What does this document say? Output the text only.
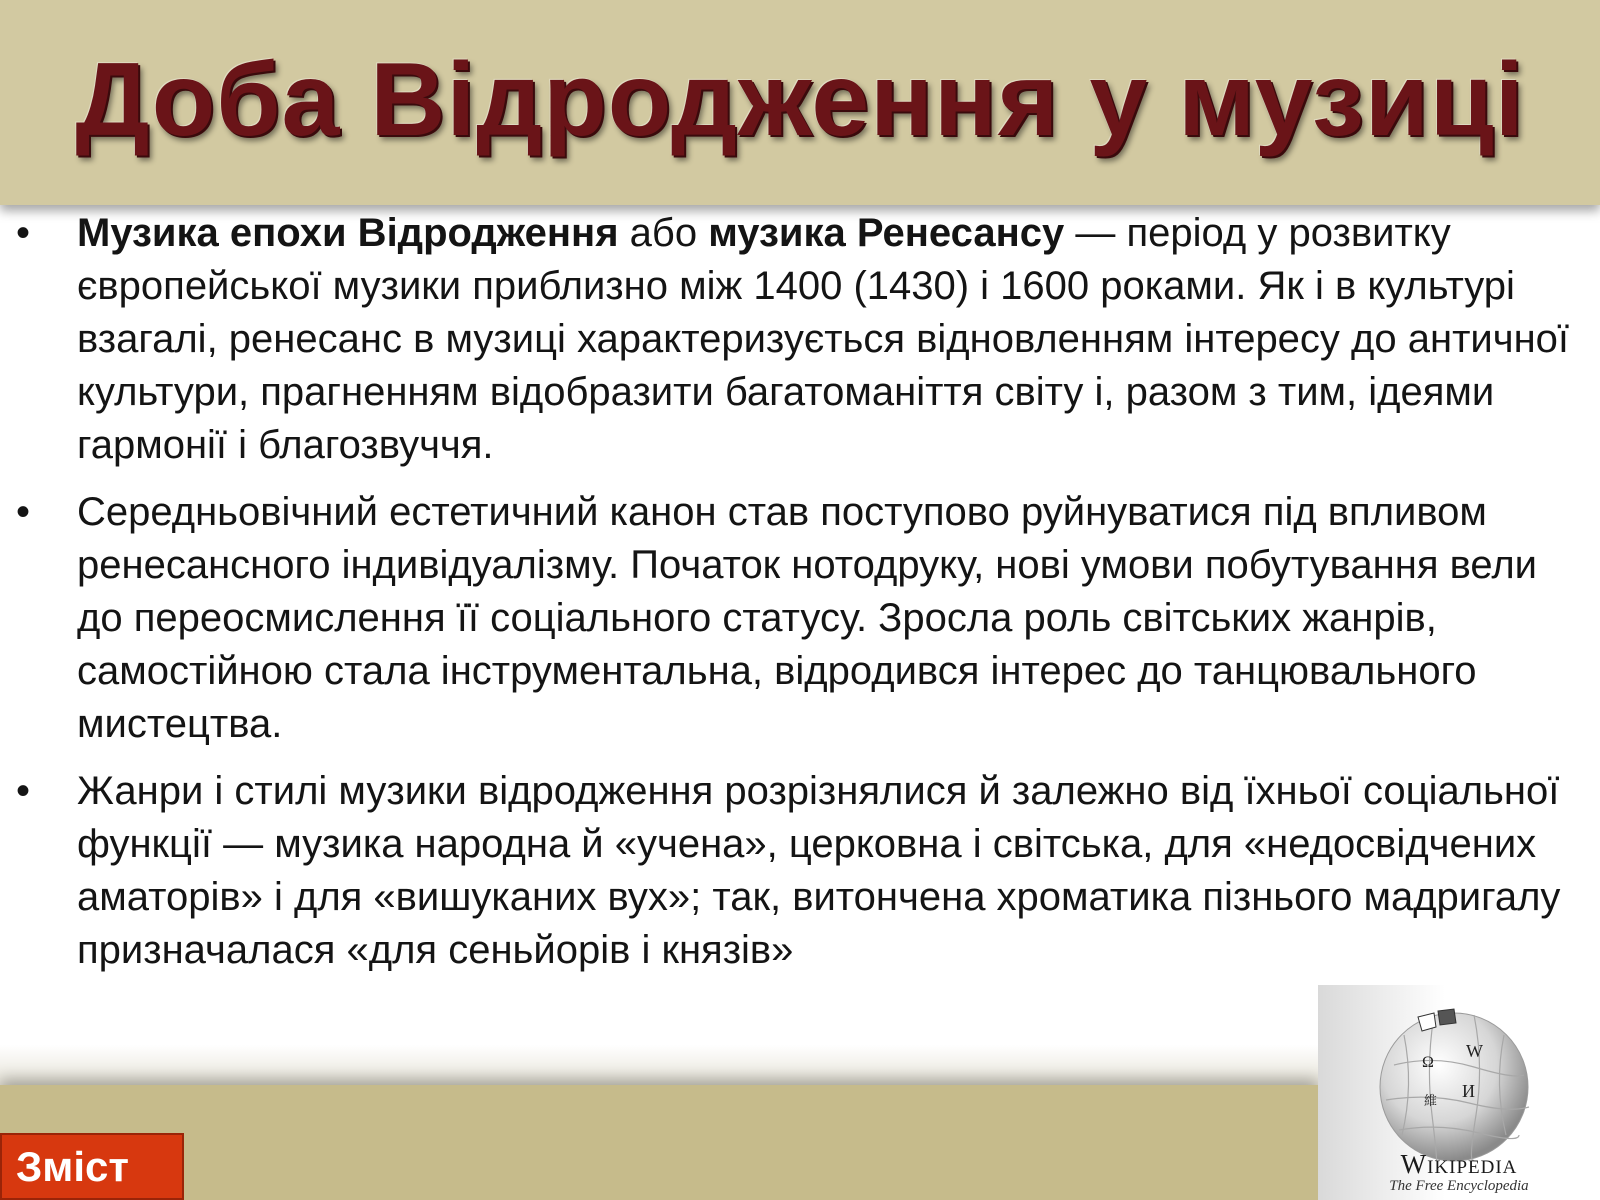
Доба Відродження у музиці
•	Музика епохи Відродження або музика Ренесансу — період у розвитку європейської музики приблизно між 1400 (1430) і 1600 роками. Як і в культурі взагалі, ренесанс в музиці характеризується відновленням інтересу до античної культури, прагненням відобразити багатоманіття світу і, разом з тим, ідеями гармонії і благозвуччя.
•	Середньовічний естетичний канон став поступово руйнуватися під впливом ренесансного індивідуалізму. Початок нотодруку, нові умови побутування вели до переосмислення її соціального статусу. Зросла роль світських жанрів, самостійною стала інструментальна, відродився інтерес до танцювального мистецтва.
•	Жанри і стилі музики відродження розрізнялися й залежно від їхньої соціальної функції — музика народна й «учена», церковна і світська, для «недосвідчених аматорів» і для «вишуканих вух»; так, витончена хроматика пізнього мадригалу призначалася «для сеньйорів і князів»
Зміст
Ω
W
И
維
Wikipedia
The Free Encyclopedia
